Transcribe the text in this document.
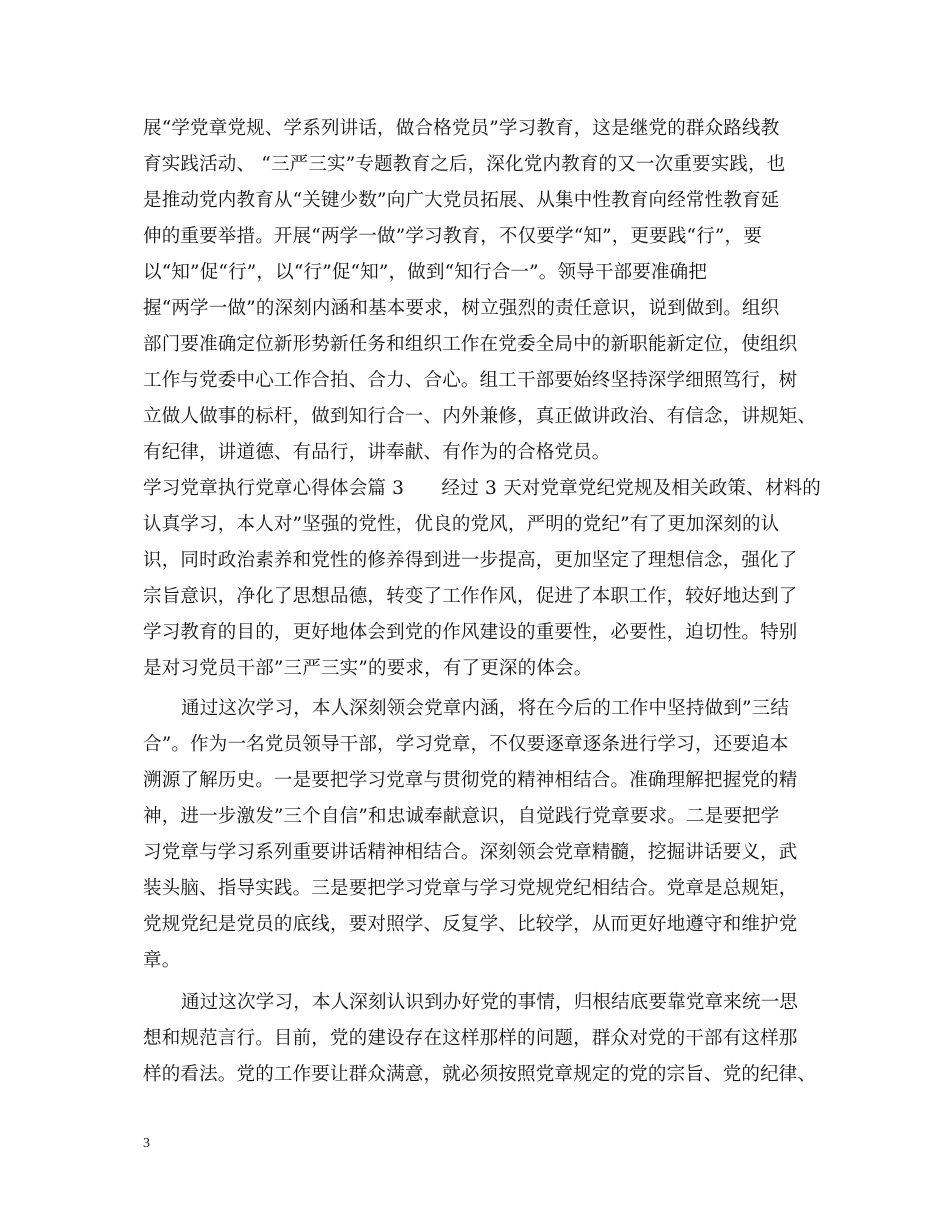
展“学党章党规、学系列讲话，做合格党员”学习教育，这是继党的群众路线教
育实践活动、 “三严三实”专题教育之后，深化党内教育的又一次重要实践，也
是推动党内教育从“关键少数”向广大党员拓展、从集中性教育向经常性教育延
伸的重要举措。开展“两学一做”学习教育，不仅要学“知”，更要践“行”，要
以“知”促“行”，以“行”促“知”，做到“知行合一”。领导干部要准确把
握“两学一做”的深刻内涵和基本要求，树立强烈的责任意识，说到做到。组织
部门要准确定位新形势新任务和组织工作在党委全局中的新职能新定位，使组织
工作与党委中心工作合拍、合力、合心。组工干部要始终坚持深学细照笃行，树
立做人做事的标杆，做到知行合一、内外兼修，真正做讲政治、有信念，讲规矩、
有纪律，讲道德、有品行，讲奉献、有作为的合格党员。
学习党章执行党章心得体会篇 3　　经过 3 天对党章党纪党规及相关政策、材料的
认真学习，本人对”坚强的党性，优良的党风，严明的党纪”有了更加深刻的认
识，同时政治素养和党性的修养得到进一步提高，更加坚定了理想信念，强化了
宗旨意识，净化了思想品德，转变了工作作风，促进了本职工作，较好地达到了
学习教育的目的，更好地体会到党的作风建设的重要性，必要性，迫切性。特别
是对习党员干部”三严三实”的要求，有了更深的体会。
通过这次学习，本人深刻领会党章内涵，将在今后的工作中坚持做到”三结
合”。作为一名党员领导干部，学习党章，不仅要逐章逐条进行学习，还要追本
溯源了解历史。一是要把学习党章与贯彻党的精神相结合。准确理解把握党的精
神，进一步激发”三个自信”和忠诚奉献意识，自觉践行党章要求。二是要把学
习党章与学习系列重要讲话精神相结合。深刻领会党章精髓，挖掘讲话要义，武
装头脑、指导实践。三是要把学习党章与学习党规党纪相结合。党章是总规矩，
党规党纪是党员的底线，要对照学、反复学、比较学，从而更好地遵守和维护党
章。
通过这次学习，本人深刻认识到办好党的事情，归根结底要靠党章来统一思
想和规范言行。目前，党的建设存在这样那样的问题，群众对党的干部有这样那
样的看法。党的工作要让群众满意，就必须按照党章规定的党的宗旨、党的纪律、
3
